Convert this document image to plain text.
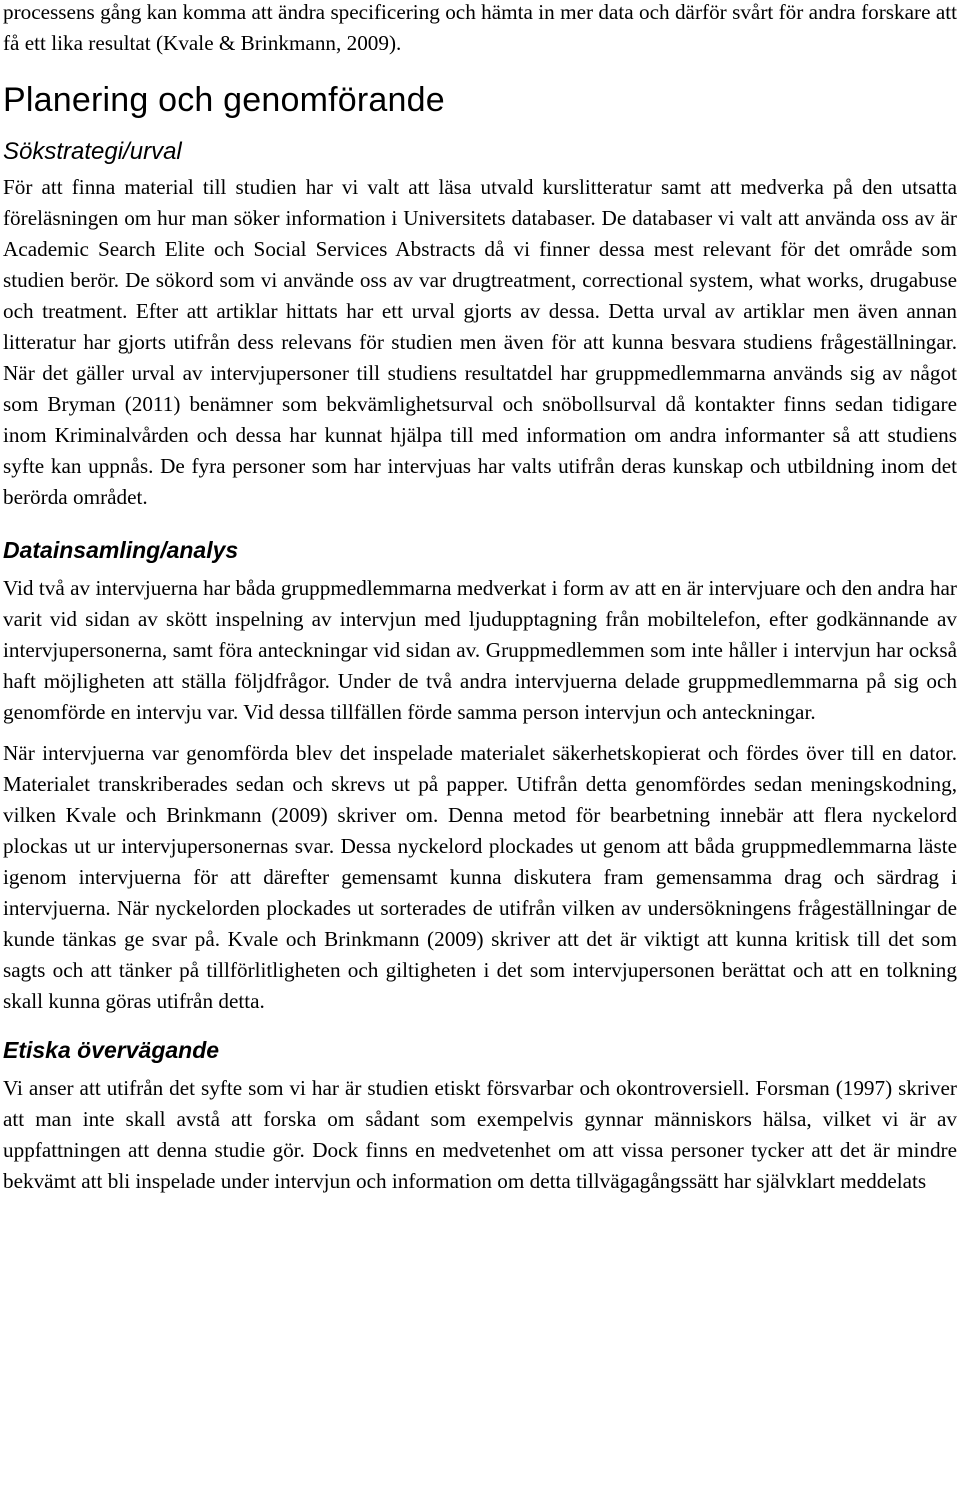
processens gång kan komma att ändra specificering och hämta in mer data och därför svårt för andra forskare att få ett lika resultat (Kvale & Brinkmann, 2009).

Planering och genomförande
Sökstrategi/urval

För att finna material till studien har vi valt att läsa utvald kurslitteratur samt att medverka på den utsatta föreläsningen om hur man söker information i Universitets databaser. De databaser vi valt att använda oss av är Academic Search Elite och Social Services Abstracts då vi finner dessa mest relevant för det område som studien berör. De sökord som vi använde oss av var drugtreatment, correctional system, what works, drugabuse och treatment. Efter att artiklar hittats har ett urval gjorts av dessa. Detta urval av artiklar men även annan litteratur har gjorts utifrån dess relevans för studien men även för att kunna besvara studiens frågeställningar. När det gäller urval av intervjupersoner till studiens resultatdel har gruppmedlemmarna används sig av något som Bryman (2011) benämner som bekvämlighetsurval och snöbollsurval då kontakter finns sedan tidigare inom Kriminalvården och dessa har kunnat hjälpa till med information om andra informanter så att studiens syfte kan uppnås. De fyra personer som har intervjuas har valts utifrån deras kunskap och utbildning inom det berörda området.

Datainsamling/analys

Vid två av intervjuerna har båda gruppmedlemmarna medverkat i form av att en är intervjuare och den andra har varit vid sidan av skött inspelning av intervjun med ljudupptagning från mobiltelefon, efter godkännande av intervjupersonerna, samt föra anteckningar vid sidan av. Gruppmedlemmen som inte håller i intervjun har också haft möjligheten att ställa följdfrågor. Under de två andra intervjuerna delade gruppmedlemmarna på sig och genomförde en intervju var. Vid dessa tillfällen förde samma person intervjun och anteckningar.

När intervjuerna var genomförda blev det inspelade materialet säkerhetskopierat och fördes över till en dator. Materialet transkriberades sedan och skrevs ut på papper. Utifrån detta genomfördes sedan meningskodning, vilken Kvale och Brinkmann (2009) skriver om. Denna metod för bearbetning innebär att flera nyckelord plockas ut ur intervjupersonernas svar. Dessa nyckelord plockades ut genom att båda gruppmedlemmarna läste igenom intervjuerna för att därefter gemensamt kunna diskutera fram gemensamma drag och särdrag i intervjuerna. När nyckelorden plockades ut sorterades de utifrån vilken av undersökningens frågeställningar de kunde tänkas ge svar på. Kvale och Brinkmann (2009) skriver att det är viktigt att kunna kritisk till det som sagts och att tänker på tillförlitligheten och giltigheten i det som intervjupersonen berättat och att en tolkning skall kunna göras utifrån detta.

Etiska övervägande

Vi anser att utifrån det syfte som vi har är studien etiskt försvarbar och okontroversiell. Forsman (1997) skriver att man inte skall avstå att forska om sådant som exempelvis gynnar människors hälsa, vilket vi är av uppfattningen att denna studie gör. Dock finns en medvetenhet om att vissa personer tycker att det är mindre bekvämt att bli inspelade under intervjun och information om detta tillvägagångssätt har självklart meddelats
